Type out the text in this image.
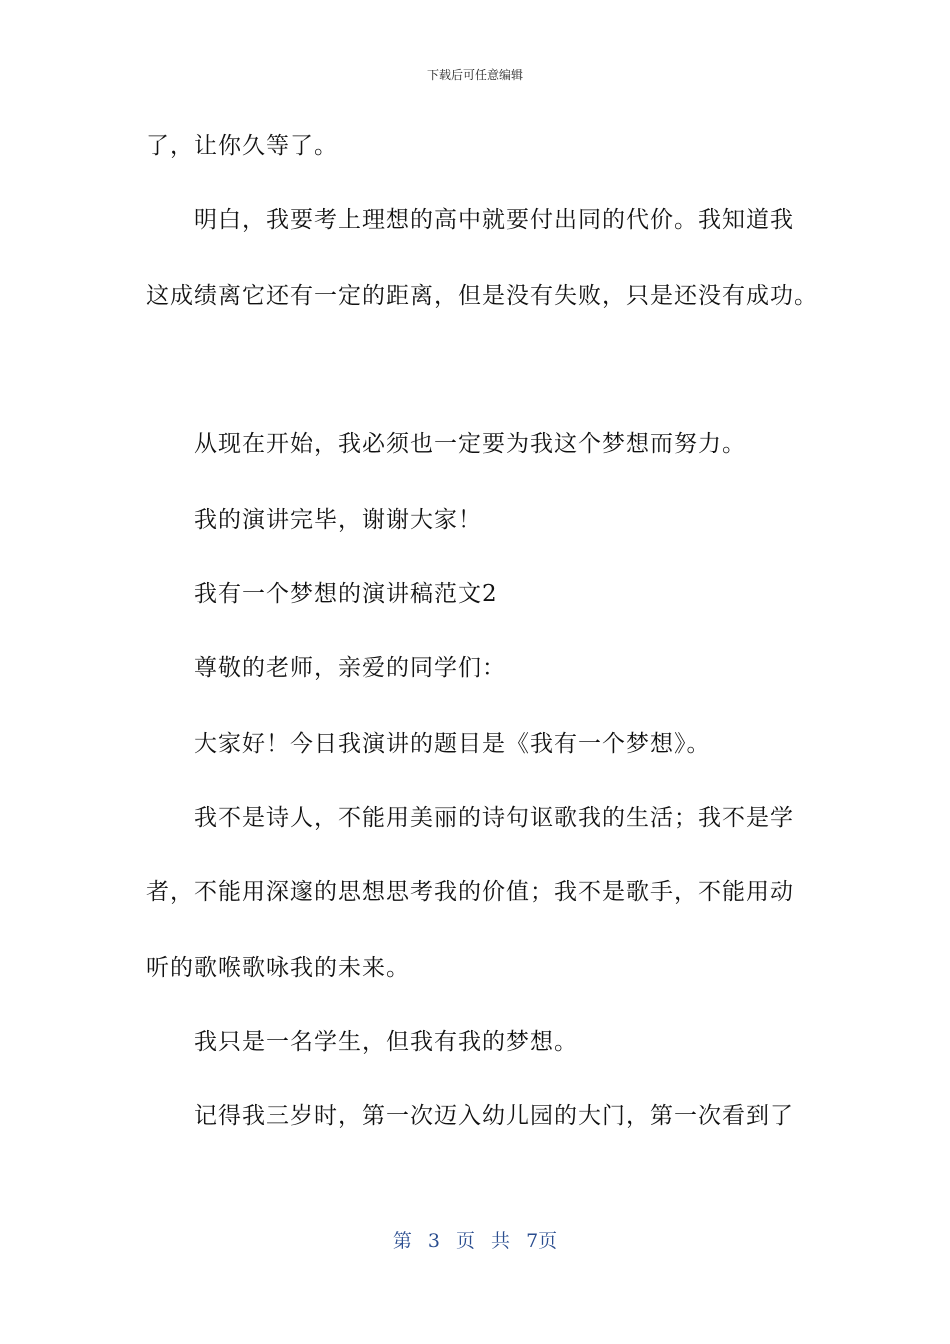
下载后可任意编辑
了，让你久等了。
明白，我要考上理想的高中就要付出同的代价。我知道我
这成绩离它还有一定的距离，但是没有失败，只是还没有成功。
从现在开始，我必须也一定要为我这个梦想而努力。
我的演讲完毕，谢谢大家！
我有一个梦想的演讲稿范文2
尊敬的老师，亲爱的同学们：
大家好！今日我演讲的题目是《我有一个梦想》。
我不是诗人，不能用美丽的诗句讴歌我的生活；我不是学
者，不能用深邃的思想思考我的价值；我不是歌手，不能用动
听的歌喉歌咏我的未来。
我只是一名学生，但我有我的梦想。
记得我三岁时，第一次迈入幼儿园的大门，第一次看到了
第 3 页 共 7页
